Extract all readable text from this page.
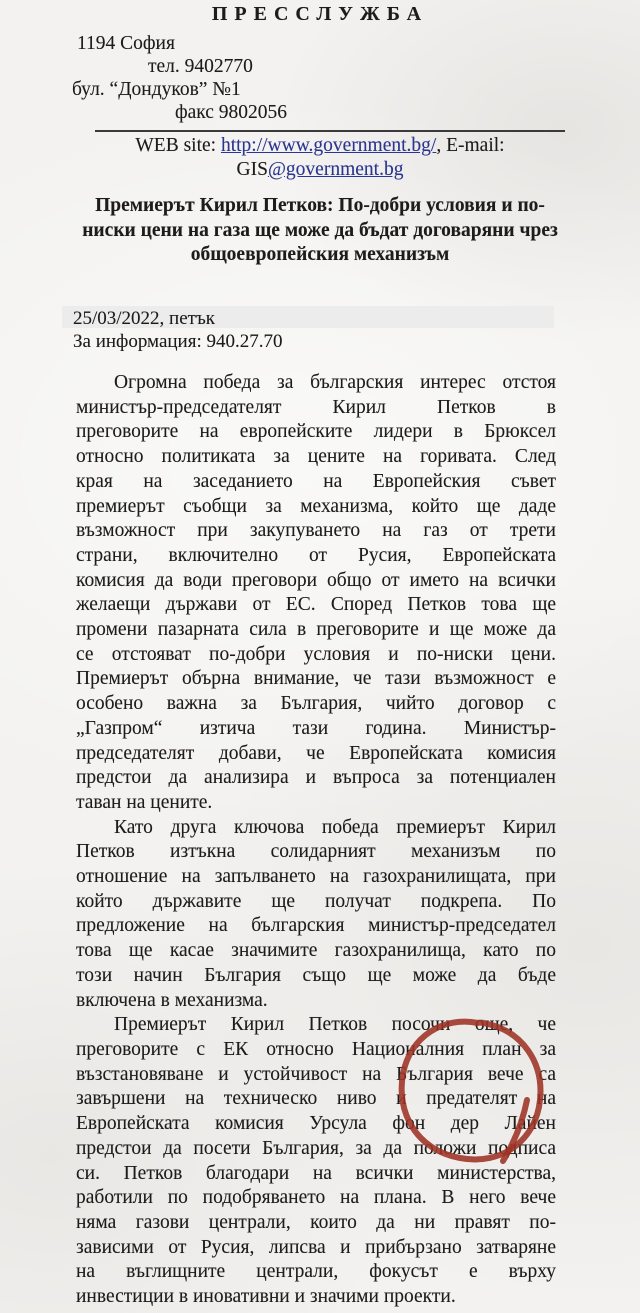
ПРЕССЛУЖБА
1194 София
тел. 9402770
бул. “Дондуков” №1
факс 9802056
WEB site: http://www.government.bg/, E-mail:
GIS@government.bg
Премиерът Кирил Петков: По-добри условия и по-
ниски цени на газа ще може да бъдат договаряни чрез
общоевропейския механизъм
25/03/2022, петък
За информация: 940.27.70
Огромна победа за българския интерес отстоя
министър-председателят Кирил Петков в
преговорите на европейските лидери в Брюксел
относно политиката за цените на горивата. След
края на заседанието на Европейския съвет
премиерът съобщи за механизма, който ще даде
възможност при закупуването на газ от трети
страни, включително от Русия, Европейската
комисия да води преговори общо от името на всички
желаещи държави от ЕС. Според Петков това ще
промени пазарната сила в преговорите и ще може да
се отстояват по-добри условия и по-ниски цени.
Премиерът обърна внимание, че тази възможност е
особено важна за България, чийто договор с
„Газпром“ изтича тази година. Министър-
председателят добави, че Европейската комисия
предстои да анализира и въпроса за потенциален
таван на цените.
Като друга ключова победа премиерът Кирил
Петков изтъкна солидарният механизъм по
отношение на запълването на газохранилищата, при
който държавите ще получат подкрепа. По
предложение на българския министър-председател
това ще касае значимите газохранилища, като по
този начин България също ще може да бъде
включена в механизма.
Премиерът Кирил Петков посочи още, че
преговорите с ЕК относно Националния план за
възстановяване и устойчивост на България вече са
завършени на техническо ниво и предателят на
Европейската комисия Урсула фон дер Лайен
предстои да посети България, за да положи подписа
си. Петков благодари на всички министерства,
работили по подобряването на плана. В него вече
няма газови централи, които да ни правят по-
зависими от Русия, липсва и прибързано затваряне
на въглищните централи, фокусът е върху
инвестиции в иновативни и значими проекти.
